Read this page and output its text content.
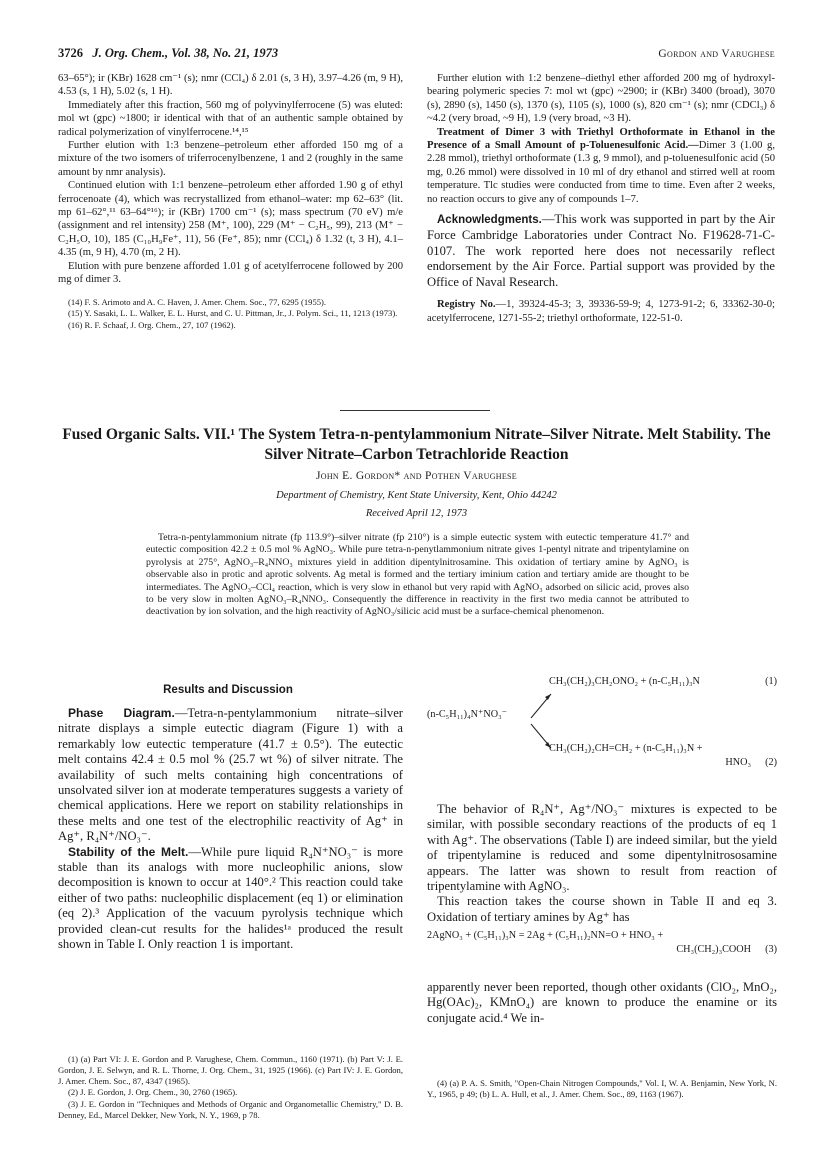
3726 J. Org. Chem., Vol. 38, No. 21, 1973	Gordon and Varughese

63–65°); ir (KBr) 1628 cm⁻¹ (s); nmr (CCl₄) δ 2.01 (s, 3 H), 3.97–4.26 (m, 9 H), 4.53 (s, 1 H), 5.02 (s, 1 H).

Immediately after this fraction, 560 mg of polyvinylferrocene (5) was eluted: mol wt (gpc) ~1800; ir identical with that of an authentic sample obtained by radical polymerization of vinylferrocene.¹⁴,¹⁵

Further elution with 1:3 benzene–petroleum ether afforded 150 mg of a mixture of the two isomers of triferrocenylbenzene, 1 and 2 (roughly in the same amount by nmr analysis).

Continued elution with 1:1 benzene–petroleum ether afforded 1.90 g of ethyl ferrocenoate (4), which was recrystallized from ethanol–water: mp 62–63° (lit. mp 61–62°,¹¹ 63–64°¹⁶); ir (KBr) 1700 cm⁻¹ (s); mass spectrum (70 eV) m/e (assignment and rel intensity) 258 (M⁺, 100), 229 (M⁺ − C₂H₅, 99), 213 (M⁺ − C₂H₅O, 10), 185 (C₁₀H₉Fe⁺, 11), 56 (Fe⁺, 85); nmr (CCl₄) δ 1.32 (t, 3 H), 4.1–4.35 (m, 9 H), 4.70 (m, 2 H).

Elution with pure benzene afforded 1.01 g of acetylferrocene followed by 200 mg of dimer 3.

(14) F. S. Arimoto and A. C. Haven, J. Amer. Chem. Soc., 77, 6295 (1955).

(15) Y. Sasaki, L. L. Walker, E. L. Hurst, and C. U. Pittman, Jr., J. Polym. Sci., 11, 1213 (1973).

(16) R. F. Schaaf, J. Org. Chem., 27, 107 (1962).

Further elution with 1:2 benzene–diethyl ether afforded 200 mg of hydroxyl-bearing polymeric species 7: mol wt (gpc) ~2900; ir (KBr) 3400 (broad), 3070 (s), 2890 (s), 1450 (s), 1370 (s), 1105 (s), 1000 (s), 820 cm⁻¹ (s); nmr (CDCl₃) δ ~4.2 (very broad, ~9 H), 1.9 (very broad, ~3 H).

Treatment of Dimer 3 with Triethyl Orthoformate in Ethanol in the Presence of a Small Amount of p-Toluenesulfonic Acid.—Dimer 3 (1.00 g, 2.28 mmol), triethyl orthoformate (1.3 g, 9 mmol), and p-toluenesulfonic acid (50 mg, 0.26 mmol) were dissolved in 10 ml of dry ethanol and stirred well at room temperature. Tlc studies were conducted from time to time. Even after 2 weeks, no reaction occurs to give any of compounds 1–7.

Acknowledgments.—This work was supported in part by the Air Force Cambridge Laboratories under Contract No. F19628-71-C-0107. The work reported here does not necessarily reflect endorsement by the Air Force. Partial support was provided by the Office of Naval Research.

Registry No.—1, 39324-45-3; 3, 39336-59-9; 4, 1273-91-2; 6, 33362-30-0; acetylferrocene, 1271-55-2; triethyl orthoformate, 122-51-0.

Fused Organic Salts. VII.¹ The System Tetra-n-pentylammonium Nitrate–Silver Nitrate. Melt Stability. The Silver Nitrate–Carbon Tetrachloride Reaction
John E. Gordon* and Pothen Varughese
Department of Chemistry, Kent State University, Kent, Ohio 44242
Received April 12, 1973

Tetra-n-pentylammonium nitrate (fp 113.9°)–silver nitrate (fp 210°) is a simple eutectic system with eutectic temperature 41.7° and eutectic composition 42.2 ± 0.5 mol % AgNO₃. While pure tetra-n-penytlammonium nitrate gives 1-pentyl nitrate and tripentylamine on pyrolysis at 275°, AgNO₃–R₄NNO₃ mixtures yield in addition dipentylnitrosamine. This oxidation of tertiary amine by AgNO₃ is observable also in protic and aprotic solvents. Ag metal is formed and the tertiary iminium cation and tertiary amide are thought to be intermediates. The AgNO₃–CCl₄ reaction, which is very slow in ethanol but very rapid with AgNO₃ adsorbed on silicic acid, proves also to be very slow in molten AgNO₃–R₄NNO₃. Consequently the difference in reactivity in the first two media cannot be attributed to deactivation by ion solvation, and the high reactivity of AgNO₃/silicic acid must be a surface-chemical phenomenon.

Results and Discussion

Phase Diagram.—Tetra-n-pentylammonium nitrate–silver nitrate displays a simple eutectic diagram (Figure 1) with a remarkably low eutectic temperature (41.7 ± 0.5°). The eutectic melt contains 42.4 ± 0.5 mol % (25.7 wt %) of silver nitrate. The availability of such melts containing high concentrations of unsolvated silver ion at moderate temperatures suggests a variety of chemical applications. Here we report on stability relationships in these melts and one test of the electrophilic reactivity of Ag⁺ in Ag⁺, R₄N⁺/NO₃⁻.

Stability of the Melt.—While pure liquid R₄N⁺NO₃⁻ is more stable than its analogs with more nucleophilic anions, slow decomposition is known to occur at 140°.² This reaction could take either of two paths: nucleophilic displacement (eq 1) or elimination (eq 2).³ Application of the vacuum pyrolysis technique which provided clean-cut results for the halides¹ᵃ produced the result shown in Table I. Only reaction 1 is important.

(1) (a) Part VI: J. E. Gordon and P. Varughese, Chem. Commun., 1160 (1971). (b) Part V: J. E. Gordon, J. E. Selwyn, and R. L. Thorne, J. Org. Chem., 31, 1925 (1966). (c) Part IV: J. E. Gordon, J. Amer. Chem. Soc., 87, 4347 (1965).

(2) J. E. Gordon, J. Org. Chem., 30, 2760 (1965).

(3) J. E. Gordon in "Techniques and Methods of Organic and Organometallic Chemistry," D. B. Denney, Ed., Marcel Dekker, New York, N. Y., 1969, p 78.

(n-C₅H₁₁)₄N⁺NO₃⁻
CH₃(CH₂)₃CH₂ONO₂ + (n-C₅H₁₁)₃N	(1)
CH₃(CH₂)₂CH=CH₂ + (n-C₅H₁₁)₃N +
HNO₃ (2)

The behavior of R₄N⁺, Ag⁺/NO₃⁻ mixtures is expected to be similar, with possible secondary reactions of the products of eq 1 with Ag⁺. The observations (Table I) are indeed similar, but the yield of tripentylamine is reduced and some dipentylnitrososamine appears. The latter was shown to result from reaction of tripentylamine with AgNO₃.

This reaction takes the course shown in Table II and eq 3. Oxidation of tertiary amines by Ag⁺ has

2AgNO₃ + (C₅H₁₁)₃N = 2Ag + (C₅H₁₁)₂NN=O + HNO₃ +
CH₃(CH₂)₃COOH (3)

apparently never been reported, though other oxidants (ClO₂, MnO₂, Hg(OAc)₂, KMnO₄) are known to produce the enamine or its conjugate acid.⁴ We in-

(4) (a) P. A. S. Smith, "Open-Chain Nitrogen Compounds," Vol. I, W. A. Benjamin, New York, N. Y., 1965, p 49; (b) L. A. Hull, et al., J. Amer. Chem. Soc., 89, 1163 (1967).
